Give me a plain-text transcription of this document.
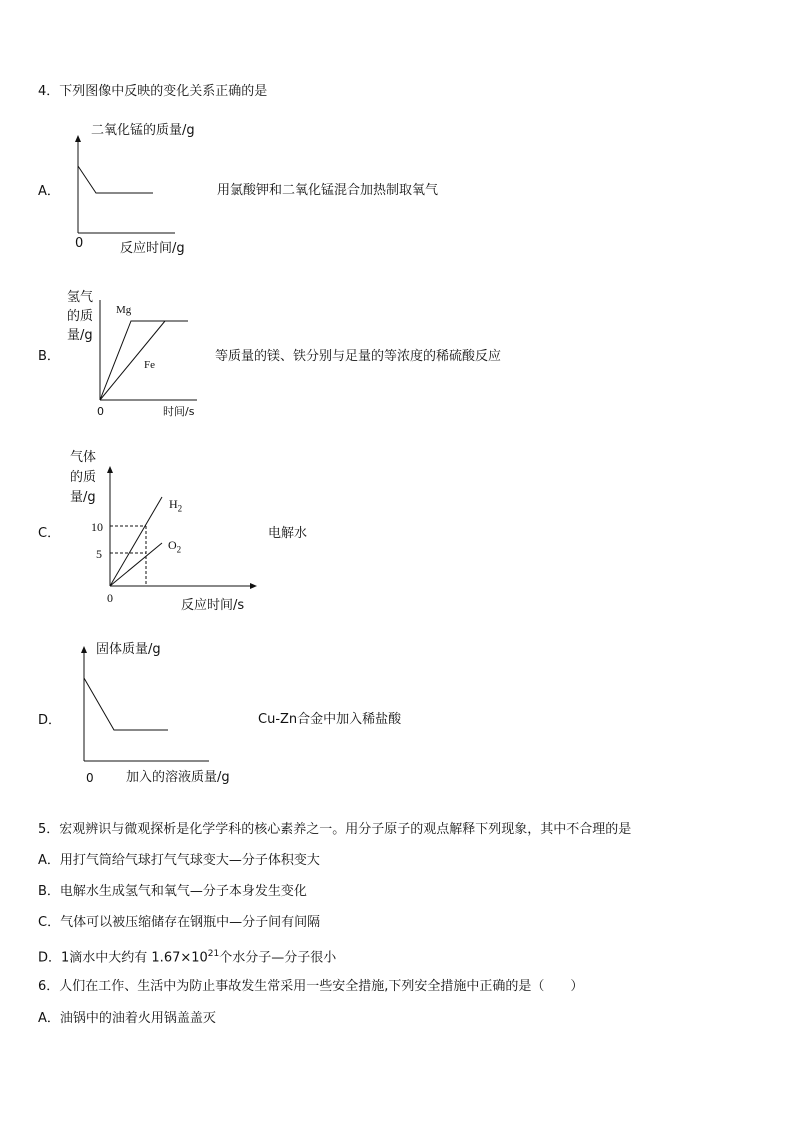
4．下列图像中反映的变化关系正确的是
A．
二氧化锰的质量/g
0	反应时间/g
用氯酸钾和二氧化锰混合加热制取氧气
B．
氢气
的质
量/g
Mg
Fe
0	时间/s
等质量的镁、铁分别与足量的等浓度的稀硫酸反应
C．
气体
的质
量/g	$H_2$
$O_2$
10
5
0	反应时间/s
电解水
D．
固体质量/g
0 加入的溶液质量/g
Cu-Zn合金中加入稀盐酸
5．宏观辨识与微观探析是化学学科的核心素养之一。用分子原子的观点解释下列现象，其中不合理的是
A．用打气筒给气球打气气球变大—分子体积变大
B．电解水生成氢气和氧气—分子本身发生变化
C．气体可以被压缩储存在钢瓶中—分子间有间隔
D．1滴水中大约有 $1.67\times 10^{21}$个水分子—分子很小
6．人们在工作、生活中为防止事故发生常采用一些安全措施,下列安全措施中正确的是（　　）
A．油锅中的油着火用锅盖盖灭
